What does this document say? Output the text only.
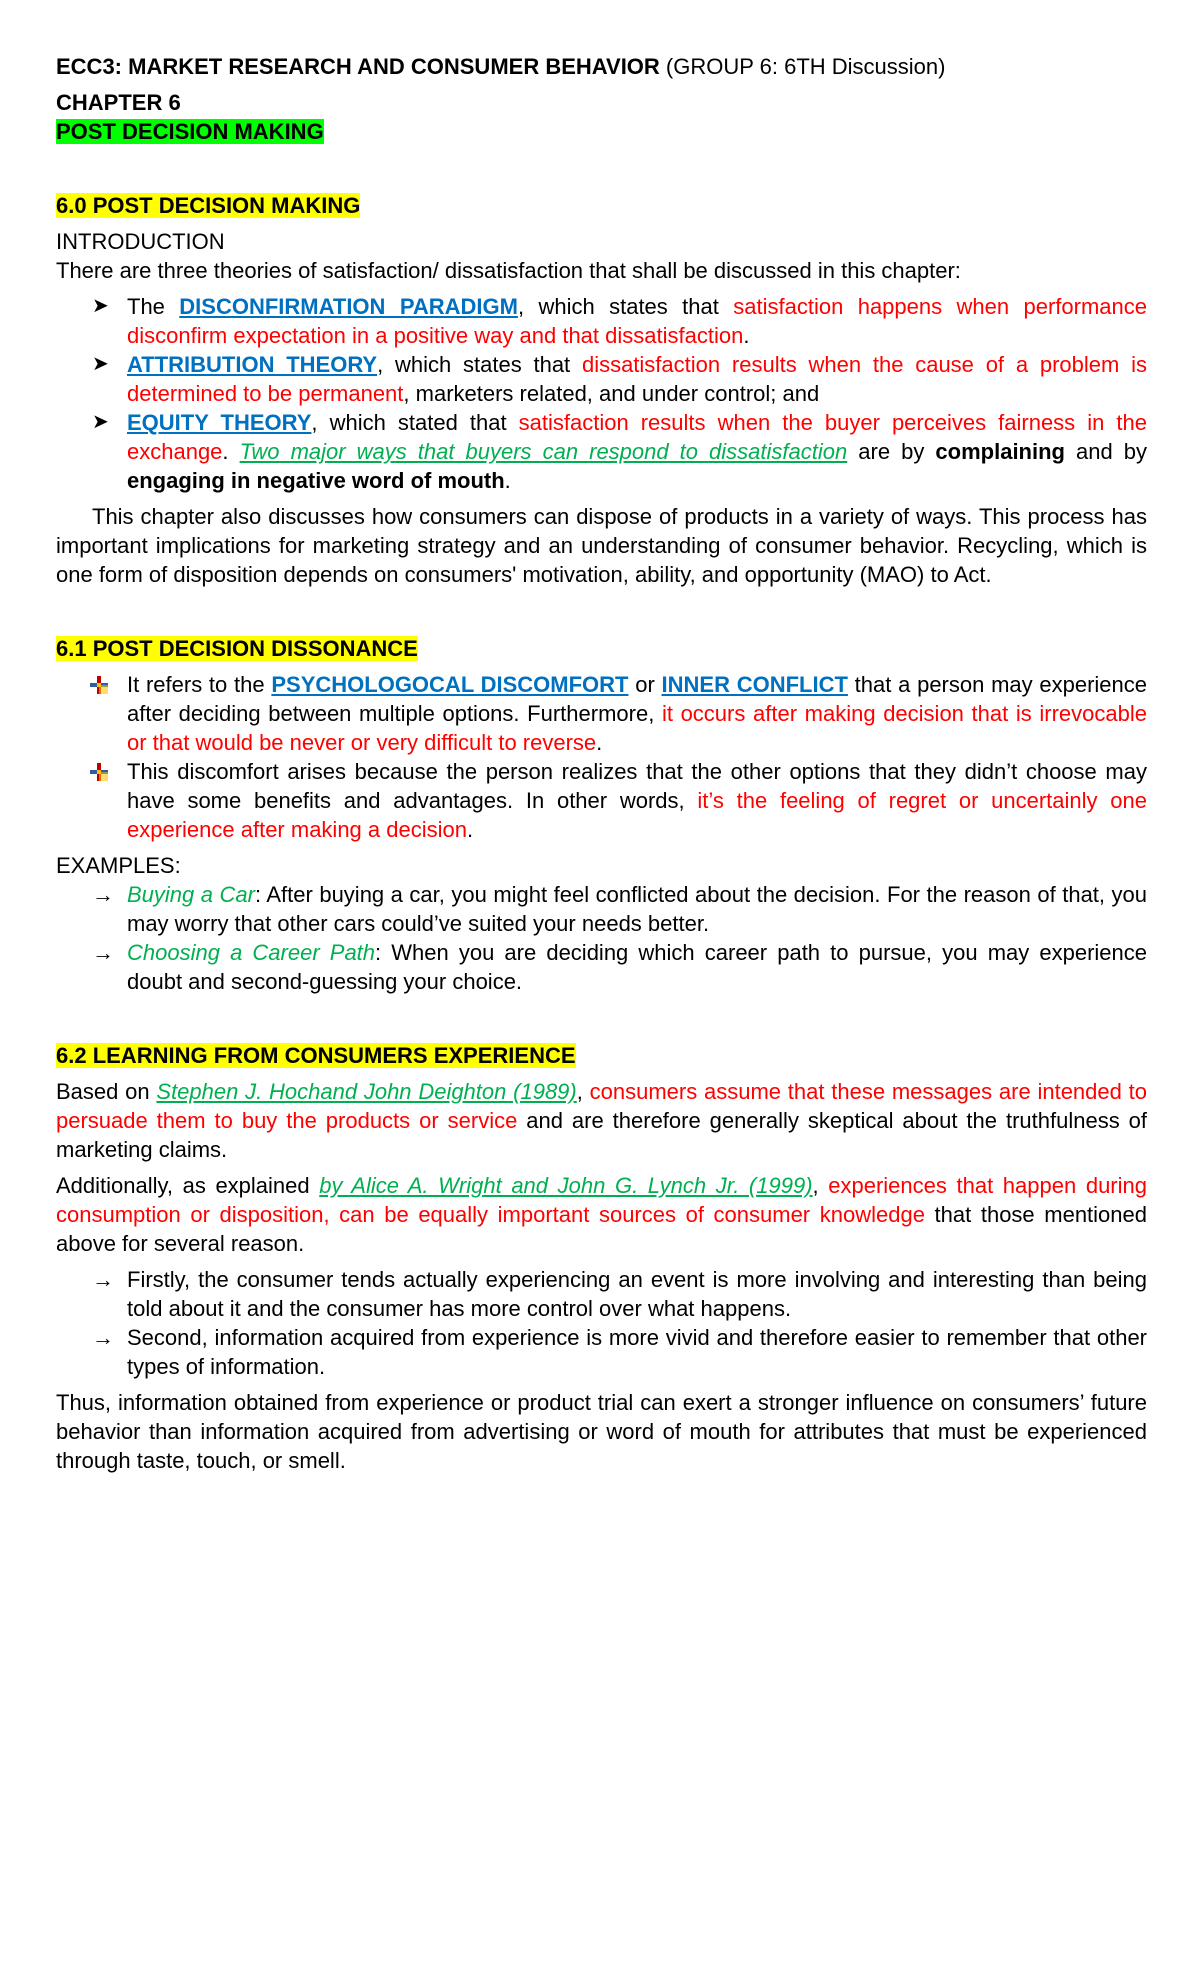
ECC3: MARKET RESEARCH AND CONSUMER BEHAVIOR (GROUP 6: 6TH Discussion)

CHAPTER 6

POST DECISION MAKING

6.0 POST DECISION MAKING

INTRODUCTION

There are three theories of satisfaction/ dissatisfaction that shall be discussed in this chapter:

➤ The DISCONFIRMATION PARADIGM, which states that satisfaction happens when performance disconfirm expectation in a positive way and that dissatisfaction.
➤ ATTRIBUTION THEORY, which states that dissatisfaction results when the cause of a problem is determined to be permanent, marketers related, and under control; and
➤ EQUITY THEORY, which stated that satisfaction results when the buyer perceives fairness in the exchange. Two major ways that buyers can respond to dissatisfaction are by complaining and by engaging in negative word of mouth.

This chapter also discusses how consumers can dispose of products in a variety of ways. This process has important implications for marketing strategy and an understanding of consumer behavior. Recycling, which is one form of disposition depends on consumers' motivation, ability, and opportunity (MAO) to Act.

6.1 POST DECISION DISSONANCE

It refers to the PSYCHOLOGOCAL DISCOMFORT or INNER CONFLICT that a person may experience after deciding between multiple options. Furthermore, it occurs after making decision that is irrevocable or that would be never or very difficult to reverse.
This discomfort arises because the person realizes that the other options that they didn’t choose may have some benefits and advantages. In other words, it’s the feeling of regret or uncertainly one experience after making a decision.

EXAMPLES:

→ Buying a Car: After buying a car, you might feel conflicted about the decision. For the reason of that, you may worry that other cars could’ve suited your needs better.
→ Choosing a Career Path: When you are deciding which career path to pursue, you may experience doubt and second-guessing your choice.

6.2 LEARNING FROM CONSUMERS EXPERIENCE

Based on Stephen J. Hochand John Deighton (1989), consumers assume that these messages are intended to persuade them to buy the products or service and are therefore generally skeptical about the truthfulness of marketing claims.

Additionally, as explained by Alice A. Wright and John G. Lynch Jr. (1999), experiences that happen during consumption or disposition, can be equally important sources of consumer knowledge that those mentioned above for several reason.

→ Firstly, the consumer tends actually experiencing an event is more involving and interesting than being told about it and the consumer has more control over what happens.
→ Second, information acquired from experience is more vivid and therefore easier to remember that other types of information.

Thus, information obtained from experience or product trial can exert a stronger influence on consumers’ future behavior than information acquired from advertising or word of mouth for attributes that must be experienced through taste, touch, or smell.
